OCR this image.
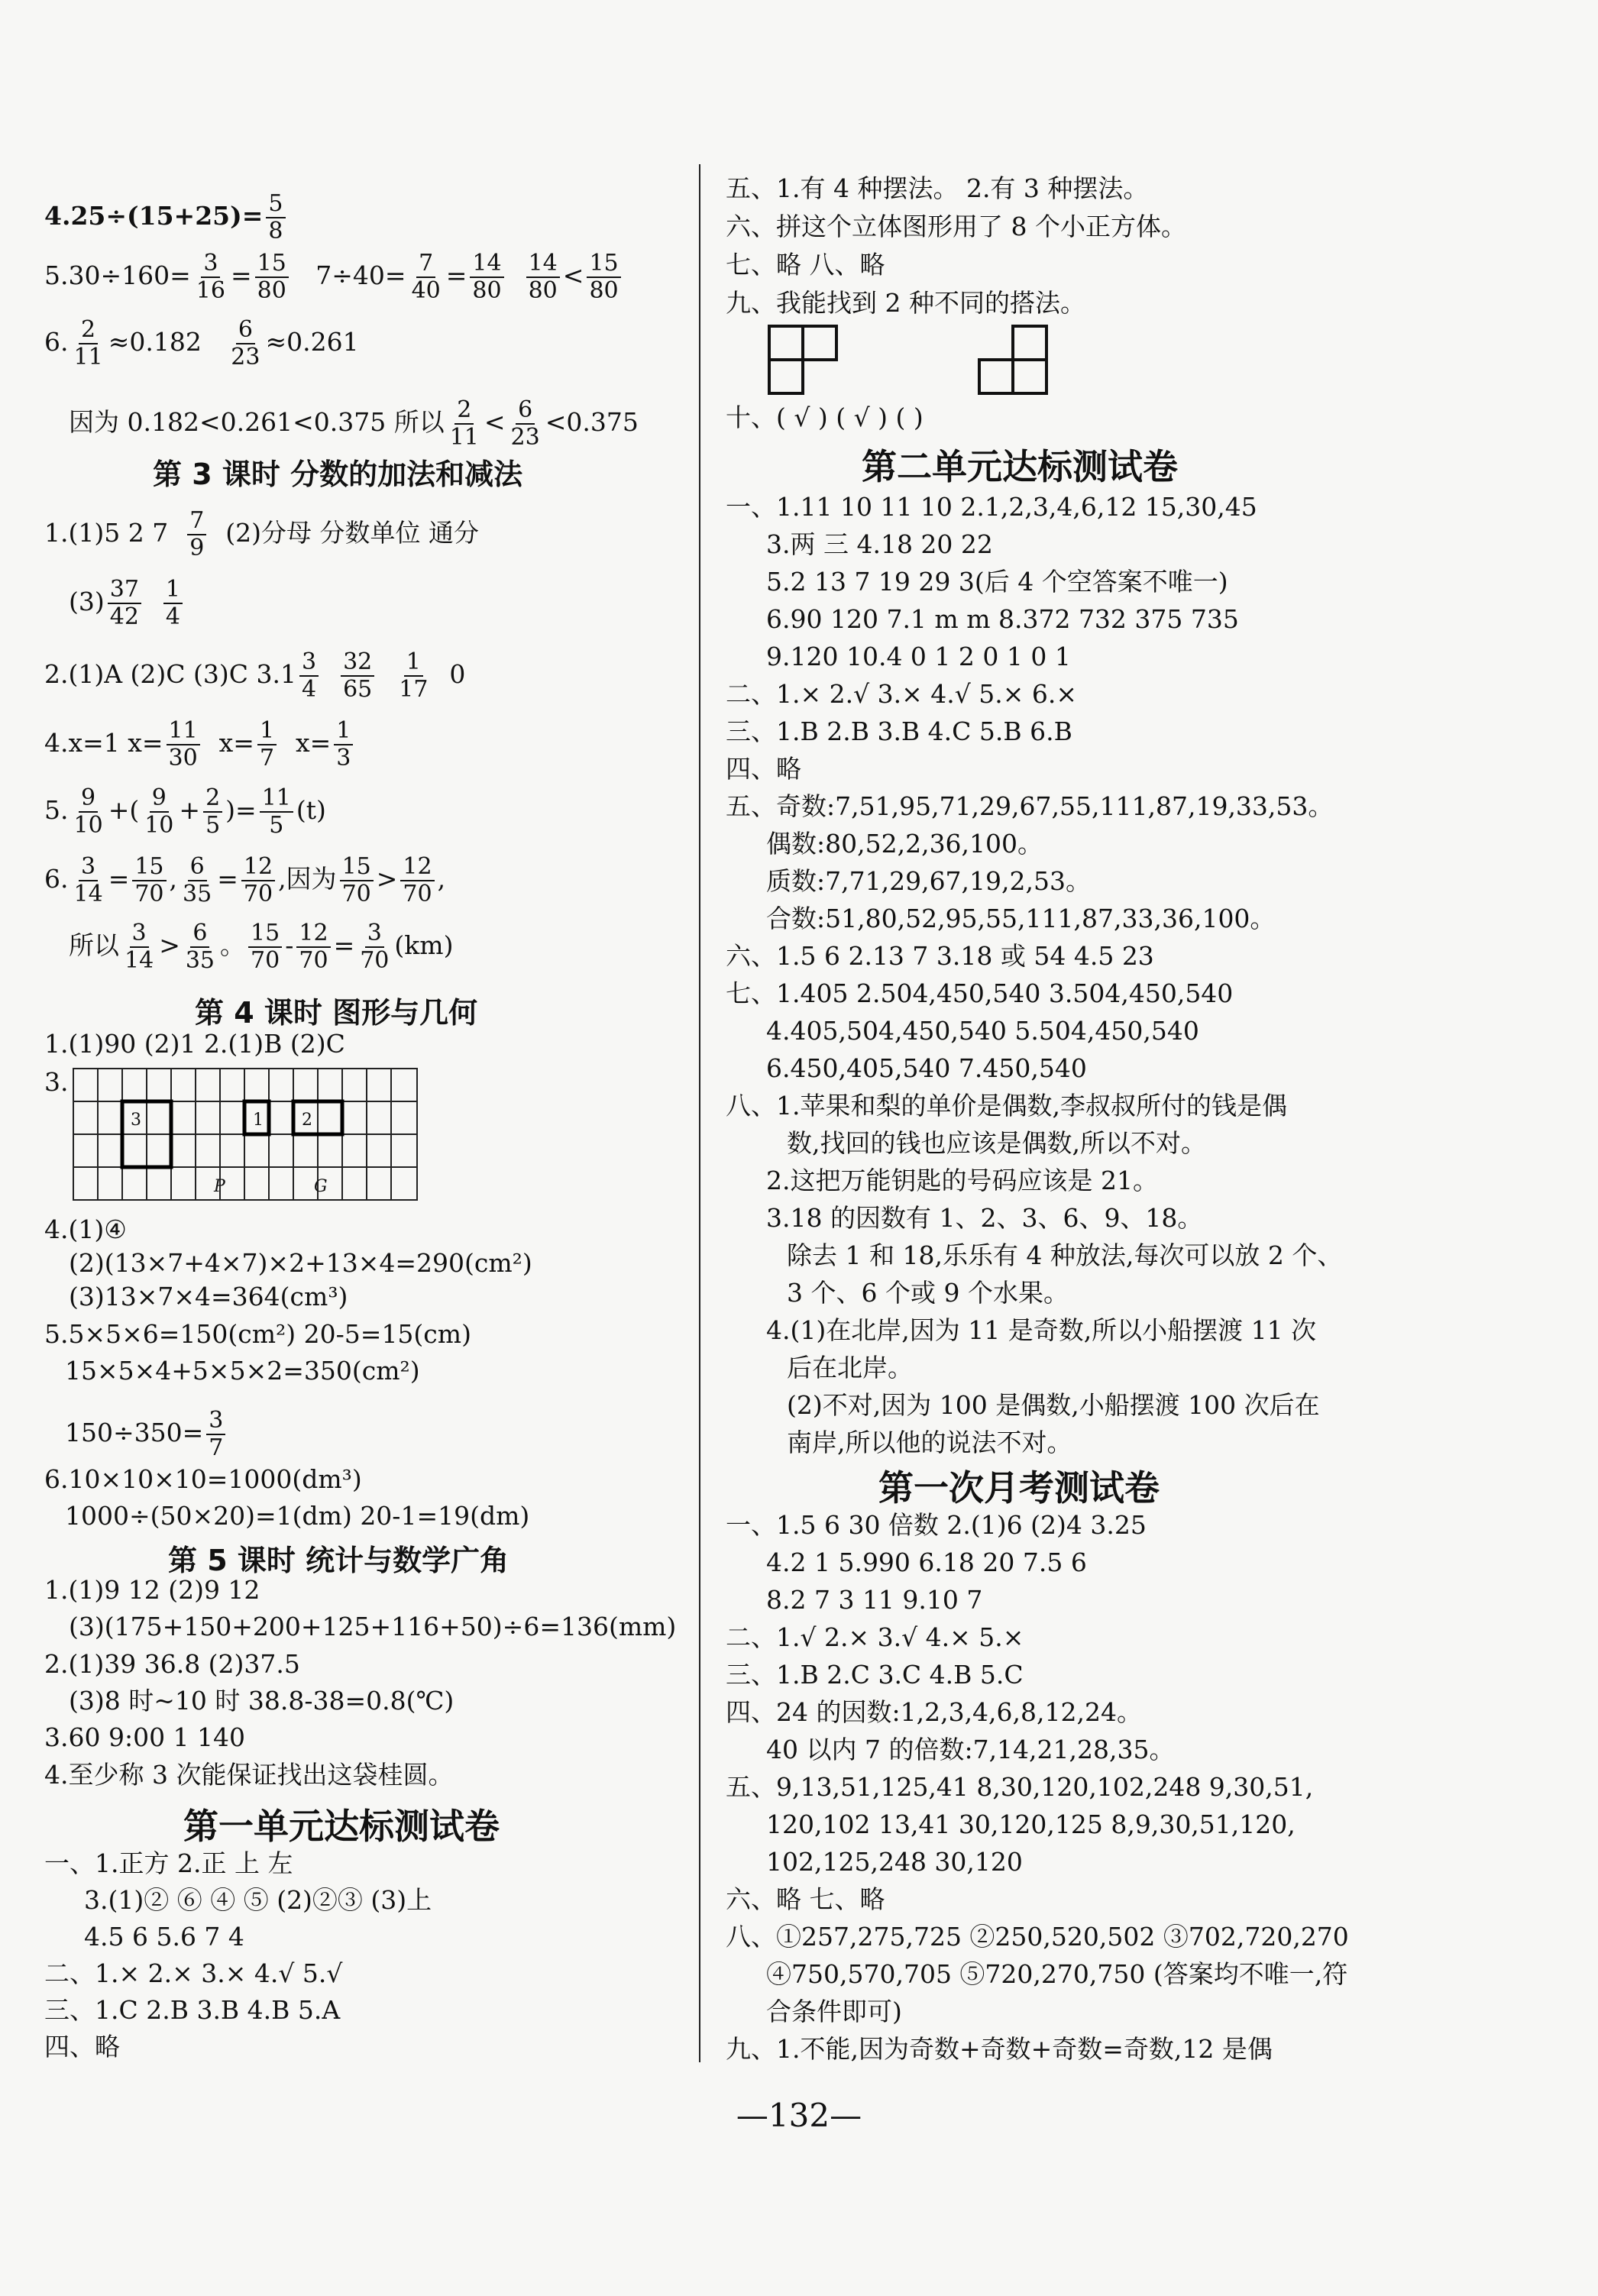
$4.25\div(15+25)= \frac{5}{8}$
$5.30\div 160= \frac{3}{16} = \frac{15}{80} 7\div 40= \frac{7}{40} = \frac{14}{80}$
$\frac{14}{80} < \frac{15}{80}$
6. $\frac{2}{11} \approx 0.182 \frac{6}{23} \approx 0.261$
因为 0.182<0.261<0.375 所以 $\frac{2}{11} < \frac{6}{23} <0.375$
第 3 课时 分数的加法和减法
1.(1)5 2 $7 \frac{7}{9} (2)$分母 分数单位 通分
$(3) \frac{37}{42}$
$\frac{1}{4}$
2.(1)A (2)C (3)C $3.1 \frac{3}{4}$
$\frac{32}{65}$
$\frac{1}{17} 0$
4.x=1 $x= \frac{11}{30} x= \frac{1}{7} x= \frac{1}{3}$
5. $\frac{9}{10}$ +( $\frac{9}{10} + \frac{2}{5}$ )= $\frac{11}{5} (t)$
6. $\frac{3}{14} = \frac{15}{70}$ , $\frac{6}{35} = \frac{12}{70}$ ,因为 $\frac{15}{70} > \frac{12}{70}$ ,
所以 $\frac{3}{14} > \frac{6}{35}$ 。 $\frac{15}{70} - \frac{12}{70} = \frac{3}{70} (km)$
第 4 课时 图形与几何
1.(1)90 (2)1 2.(1)B (2)C
3.
3	1 2
P	G
4.(1)④
(2)(13×7+4×7)×2+13×4=290(cm²)
(3)13×7×4=364(cm³)
5.5×5×6=150(cm²) 20-5=15(cm)
15×5×4+5×5×2=350(cm²)
$150\div 350= \frac{3}{7}$
6.10×10×10=1000(dm³)
1000÷(50×20)=1(dm) 20-1=19(dm)
第 5 课时 统计与数学广角
1.(1)9 12 (2)9 12
(3)(175+150+200+125+116+50)÷6=136(mm)
2.(1)39 36.8 (2)37.5
(3)8 时~10 时 38.8-38=0.8(℃)
3.60 9:00 1 140
4.至少称 3 次能保证找出这袋桂圆。
第一单元达标测试卷
一、1.正方 2.正 上 左
3.(1)② ⑥ ④ ⑤ (2)②③ (3)上
4.5 6 5.6 7 4
二、1.× 2.× 3.× 4.√ 5.√
三、1.C 2.B 3.B 4.B 5.A
四、略
五、1.有 4 种摆法。 2.有 3 种摆法。
六、拼这个立体图形用了 8 个小正方体。
七、略 八、略
九、我能找到 2 种不同的搭法。
十、( √ ) ( √ ) ( )
第二单元达标测试卷
一、1.11 10 11 10 2.1,2,3,4,6,12 15,30,45
3.两 三 4.18 20 22
5.2 13 7 19 29 3(后 4 个空答案不唯一)
6.90 120 7.1 m m 8.372 732 375 735
9.120 10.4 0 1 2 0 1 0 1
二、1.× 2.√ 3.× 4.√ 5.× 6.×
三、1.B 2.B 3.B 4.C 5.B 6.B
四、略
五、奇数:7,51,95,71,29,67,55,111,87,19,33,53。
偶数:80,52,2,36,100。
质数:7,71,29,67,19,2,53。
合数:51,80,52,95,55,111,87,33,36,100。
六、1.5 6 2.13 7 3.18 或 54 4.5 23
七、1.405 2.504,450,540 3.504,450,540
4.405,504,450,540 5.504,450,540
6.450,405,540 7.450,540
八、1.苹果和梨的单价是偶数,李叔叔所付的钱是偶
数,找回的钱也应该是偶数,所以不对。
2.这把万能钥匙的号码应该是 21。
3.18 的因数有 1、2、3、6、9、18。
除去 1 和 18,乐乐有 4 种放法,每次可以放 2 个、
3 个、6 个或 9 个水果。
4.(1)在北岸,因为 11 是奇数,所以小船摆渡 11 次
后在北岸。
(2)不对,因为 100 是偶数,小船摆渡 100 次后在
南岸,所以他的说法不对。
第一次月考测试卷
一、1.5 6 30 倍数 2.(1)6 (2)4 3.25
4.2 1 5.990 6.18 20 7.5 6
8.2 7 3 11 9.10 7
二、1.√ 2.× 3.√ 4.× 5.×
三、1.B 2.C 3.C 4.B 5.C
四、24 的因数:1,2,3,4,6,8,12,24。
40 以内 7 的倍数:7,14,21,28,35。
五、9,13,51,125,41 8,30,120,102,248 9,30,51,
120,102 13,41 30,120,125 8,9,30,51,120,
102,125,248 30,120
六、略 七、略
八、①257,275,725 ②250,520,502 ③702,720,270
④750,570,705 ⑤720,270,750 (答案均不唯一,符
合条件即可)
九、1.不能,因为奇数+奇数+奇数=奇数,12 是偶
—132—
